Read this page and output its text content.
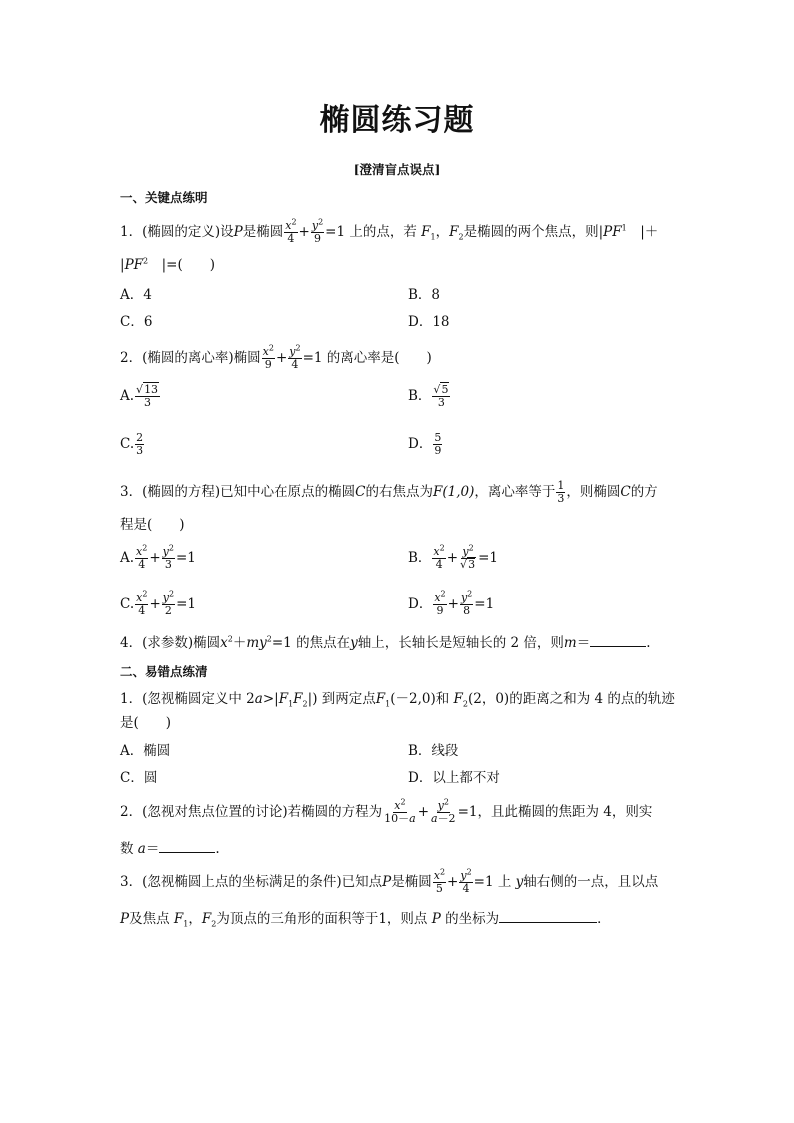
椭圆练习题
[澄清盲点误点]
一、关键点练明
1．(椭圆的定义)设P是椭圆 $\frac{x^2}{4} + \frac{y^2}{9} =1$ 上的点，若 $F_1$，$F_2$是椭圆的两个焦点，则$|PF^1$　|＋
$|PF^2$　 |=(　　)
A．4	B．8
C．6	D．18
2．(椭圆的离心率)椭圆 $\frac{x^2}{9} + \frac{y^2}{4} =1$ 的离心率是(　　)
A. $\frac{√13}{3}$	B． $\frac{√5}{3}$
C. $\frac{2}{3}$	D． $\frac{5}{9}$
3．(椭圆的方程)已知中心在原点的椭圆C的右焦点为F(1,0)，离心率等于 $\frac{1}{3}$ ，则椭圆C的方
程是(　　)
A. $\frac{x^2}{4} + \frac{y^2}{3} =1$	B． $\frac{x^2}{4} + \frac{y^2}{√3} =1$
C. $\frac{x^2}{4} + \frac{y^2}{2} =1$	D． $\frac{x^2}{9} + \frac{y^2}{8} =1$
4．(求参数)椭圆$x^2+my^2=1$ 的焦点在y轴上，长轴长是短轴长的 2 倍，则m＝	.
二、易错点练清
1．(忽视椭圆定义中 $2a>|F_1F_2|$) 到两定点$F_1(-2,0)$和 $F_2(2$，0)的距离之和为 4 的点的轨迹
是(　　)
A．椭圆	B．线段
C．圆	D．以上都不对
2．(忽视对焦点位置的讨论)若椭圆的方程为 $\frac{x^2}{10-a} + \frac{y^2}{a-2} =1$，且此椭圆的焦距为 4，则实
数 a＝	.
3．(忽视椭圆上点的坐标满足的条件)已知点P是椭圆 $\frac{x^2}{5} + \frac{y^2}{4} =1$ 上 y轴右侧的一点，且以点
P及焦点 $F_1$，$F_2$为顶点的三角形的面积等于1，则点 P 的坐标为	．
